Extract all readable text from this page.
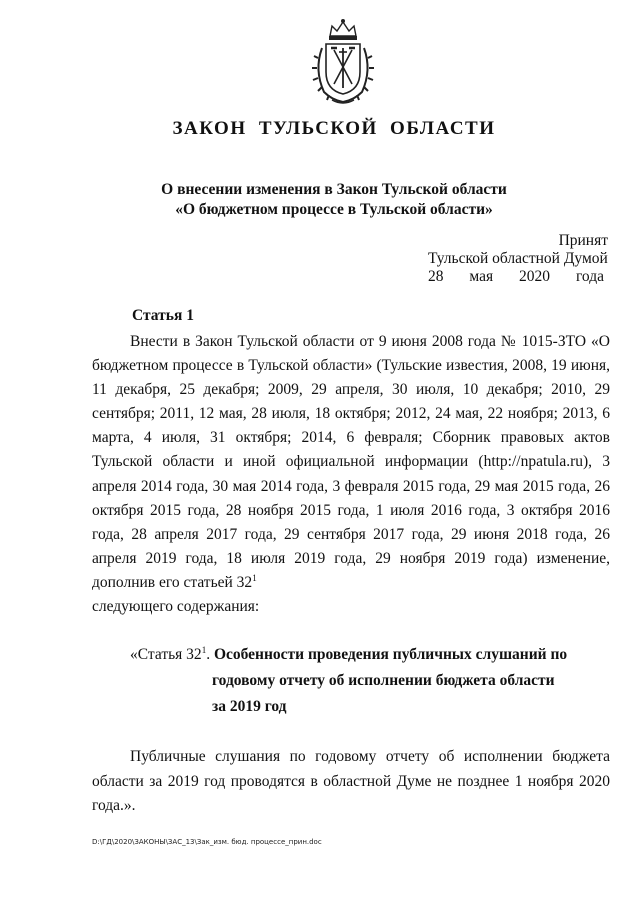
ЗАКОН ТУЛЬСКОЙ ОБЛАСТИ
О внесении изменения в Закон Тульской области
«О бюджетном процессе в Тульской области»
Принят
Тульской областной Думой
28 мая 2020 года
Статья 1
Внести в Закон Тульской области от 9 июня 2008 года № 1015-ЗТО «О бюджетном процессе в Тульской области» (Тульские известия, 2008, 19 июня, 11 декабря, 25 декабря; 2009, 29 апреля, 30 июля, 10 декабря; 2010, 29 сентября; 2011, 12 мая, 28 июля, 18 октября; 2012, 24 мая, 22 ноября; 2013, 6 марта, 4 июля, 31 октября; 2014, 6 февраля; Сборник правовых актов Тульской области и иной официальной информации (http://npatula.ru), 3 апреля 2014 года, 30 мая 2014 года, 3 февраля 2015 года, 29 мая 2015 года, 26 октября 2015 года, 28 ноября 2015 года, 1 июля 2016 года, 3 октября 2016 года, 28 апреля 2017 года, 29 сентября 2017 года, 29 июня 2018 года, 26 апреля 2019 года, 18 июля 2019 года, 29 ноября 2019 года) изменение, дополнив его статьей $32^1$
следующего содержания:
«Статья $32^1$. Особенности проведения публичных слушаний по
годовому отчету об исполнении бюджета области
за 2019 год
Публичные слушания по годовому отчету об исполнении бюджета области за 2019 год проводятся в областной Думе не позднее 1 ноября 2020 года.».
D:\ГД\2020\ЗАКОНЫ\ЗАС_13\Зак_изм. бюд. процессе_прин.doc
